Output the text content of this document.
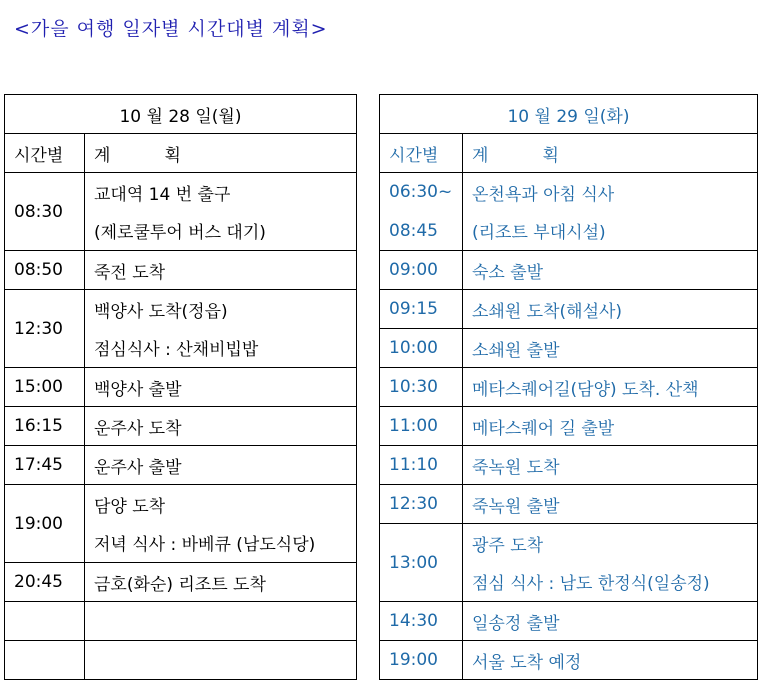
<가을 여행 일자별 시간대별 계획>
10 월 28 일(월)	
시간별	계          획
08:30	교대역 14 번 출구
(제로쿨투어 버스 대기)

08:50	죽전 도착
12:30	백양사 도착(정읍)
점심식사 : 산채비빕밥

15:00	백양사 출발
16:15	운주사 도착
17:45	운주사 출발
19:00	담양 도착
저녁 식사 : 바베큐 (남도식당)

20:45	금호(화순) 리조트 도착

10 월 29 일(화)	
시간별	계          획

06:30~
08:45	온천욕과 아침 식사
(리조트 부대시설)

09:00	숙소 출발
09:15	소쇄원 도착(해설사)
10:00	소쇄원 출발
10:30	메타스퀘어길(담양) 도착. 산책
11:00	메타스퀘어 길 출발
11:10	죽녹원 도착
12:30	죽녹원 출발
13:00	광주 도착
점심 식사 : 남도 한정식(일송정)

14:30	일송정 출발
19:00	서울 도착 예정
